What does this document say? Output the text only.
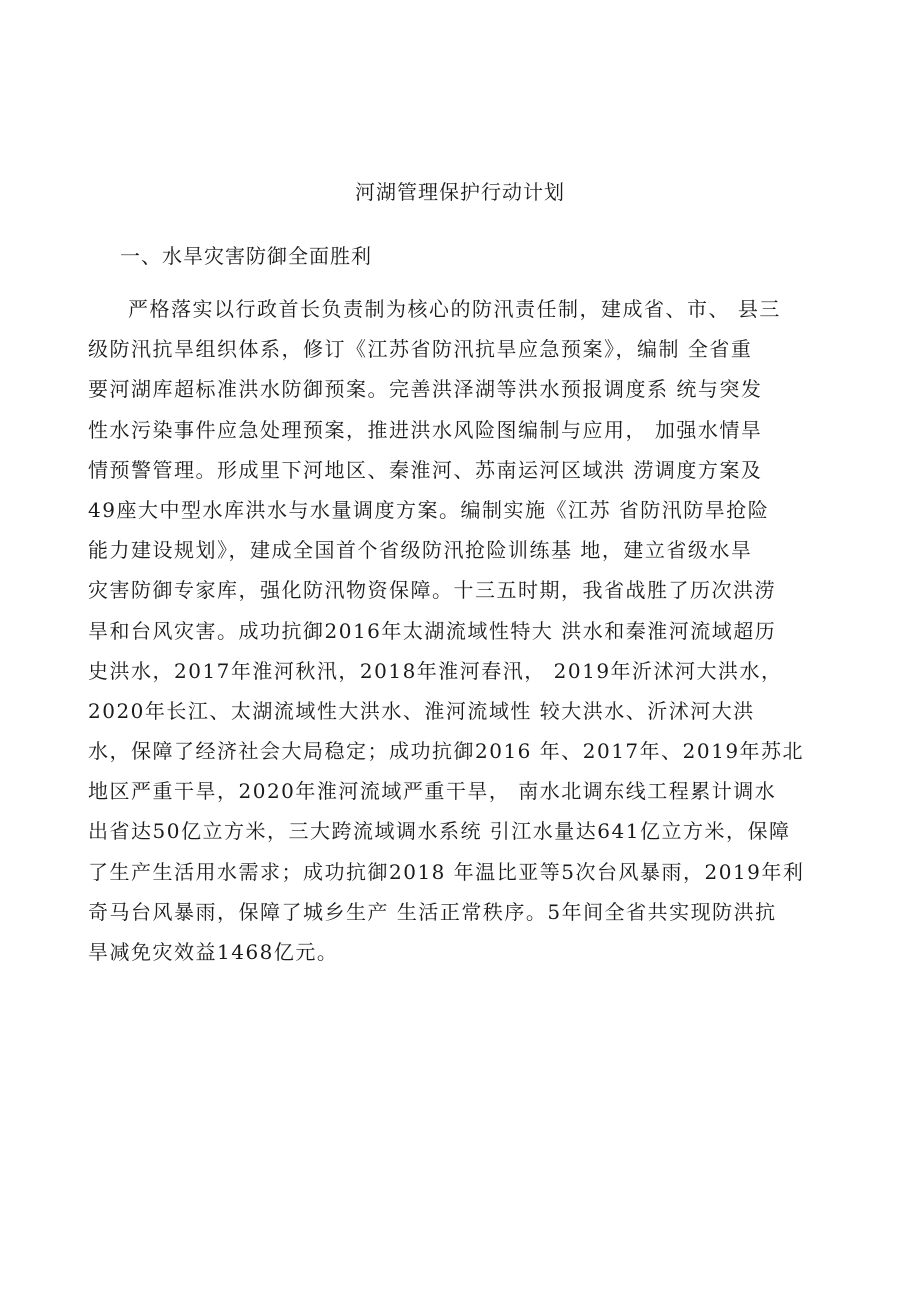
河湖管理保护行动计划
一、水旱灾害防御全面胜利
严格落实以行政首长负责制为核心的防汛责任制，建成省、市、 县三
级防汛抗旱组织体系，修订《江苏省防汛抗旱应急预案》，编制 全省重
要河湖库超标准洪水防御预案。完善洪泽湖等洪水预报调度系 统与突发
性水污染事件应急处理预案，推进洪水风险图编制与应用， 加强水情旱
情预警管理。形成里下河地区、秦淮河、苏南运河区域洪 涝调度方案及
49座大中型水库洪水与水量调度方案。编制实施《江苏 省防汛防旱抢险
能力建设规划》，建成全国首个省级防汛抢险训练基 地，建立省级水旱
灾害防御专家库，强化防汛物资保障。十三五时期，我省战胜了历次洪涝
旱和台风灾害。成功抗御2016年太湖流域性特大 洪水和秦淮河流域超历
史洪水，2017年淮河秋汛，2018年淮河春汛， 2019年沂沭河大洪水，
2020年长江、太湖流域性大洪水、淮河流域性 较大洪水、沂沭河大洪
水，保障了经济社会大局稳定；成功抗御2016 年、2017年、2019年苏北
地区严重干旱，2020年淮河流域严重干旱， 南水北调东线工程累计调水
出省达50亿立方米，三大跨流域调水系统 引江水量达641亿立方米，保障
了生产生活用水需求；成功抗御2018 年温比亚等5次台风暴雨，2019年利
奇马台风暴雨，保障了城乡生产 生活正常秩序。5年间全省共实现防洪抗
旱减免灾效益1468亿元。
